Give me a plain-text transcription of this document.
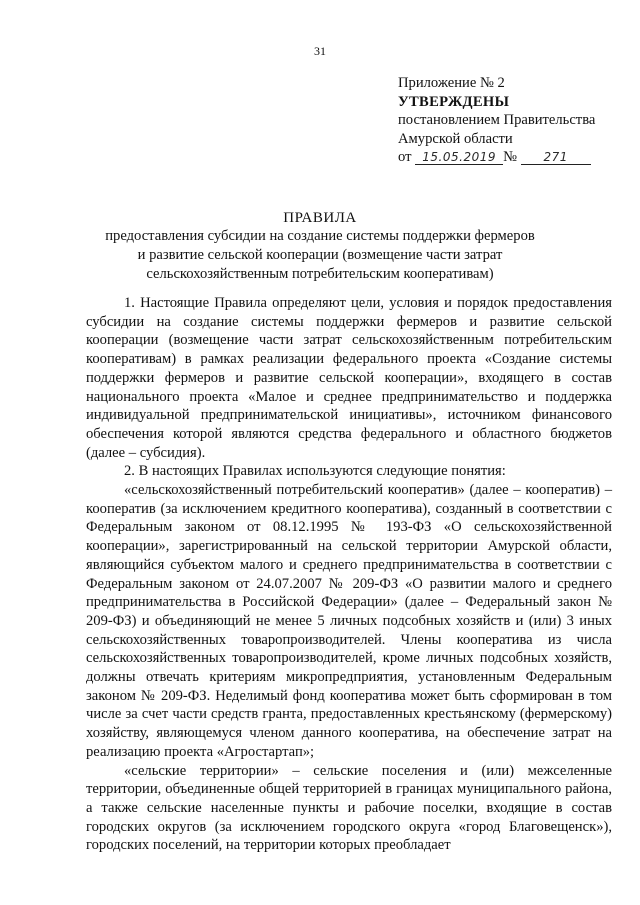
31
Приложение № 2
УТВЕРЖДЕНЫ
постановлением Правительства
Амурской области
от 15.05.2019 № 271
ПРАВИЛА
предоставления субсидии на создание системы поддержки фермеров и развитие сельской кооперации (возмещение части затрат сельскохозяйственным потребительским кооперативам)

1. Настоящие Правила определяют цели, условия и порядок предоставления субсидии на создание системы поддержки фермеров и развитие сельской кооперации (возмещение части затрат сельскохозяйственным потребительским кооперативам) в рамках реализации федерального проекта «Создание системы поддержки фермеров и развитие сельской кооперации», входящего в состав национального проекта «Малое и среднее предпринимательство и поддержка индивидуальной предпринимательской инициативы», источником финансового обеспечения которой являются средства федерального и областного бюджетов (далее – субсидия).

2. В настоящих Правилах используются следующие понятия:

«сельскохозяйственный потребительский кооператив» (далее – кооператив) – кооператив (за исключением кредитного кооператива), созданный в соответствии с Федеральным законом от 08.12.1995 № 193-ФЗ «О сельскохозяйственной кооперации», зарегистрированный на сельской территории Амурской области, являющийся субъектом малого и среднего предпринимательства в соответствии с Федеральным законом от 24.07.2007 № 209-ФЗ «О развитии малого и среднего предпринимательства в Российской Федерации» (далее – Федеральный закон № 209-ФЗ) и объединяющий не менее 5 личных подсобных хозяйств и (или) 3 иных сельскохозяйственных товаропроизводителей. Члены кооператива из числа сельскохозяйственных товаропроизводителей, кроме личных подсобных хозяйств, должны отвечать критериям микропредприятия, установленным Федеральным законом № 209-ФЗ. Неделимый фонд кооператива может быть сформирован в том числе за счет части средств гранта, предоставленных крестьянскому (фермерскому) хозяйству, являющемуся членом данного кооператива, на обеспечение затрат на реализацию проекта «Агростартап»;

«сельские территории» – сельские поселения и (или) межселенные территории, объединенные общей территорией в границах муниципального района, а также сельские населенные пункты и рабочие поселки, входящие в состав городских округов (за исключением городского округа «город Благовещенск»), городских поселений, на территории которых преобладает
